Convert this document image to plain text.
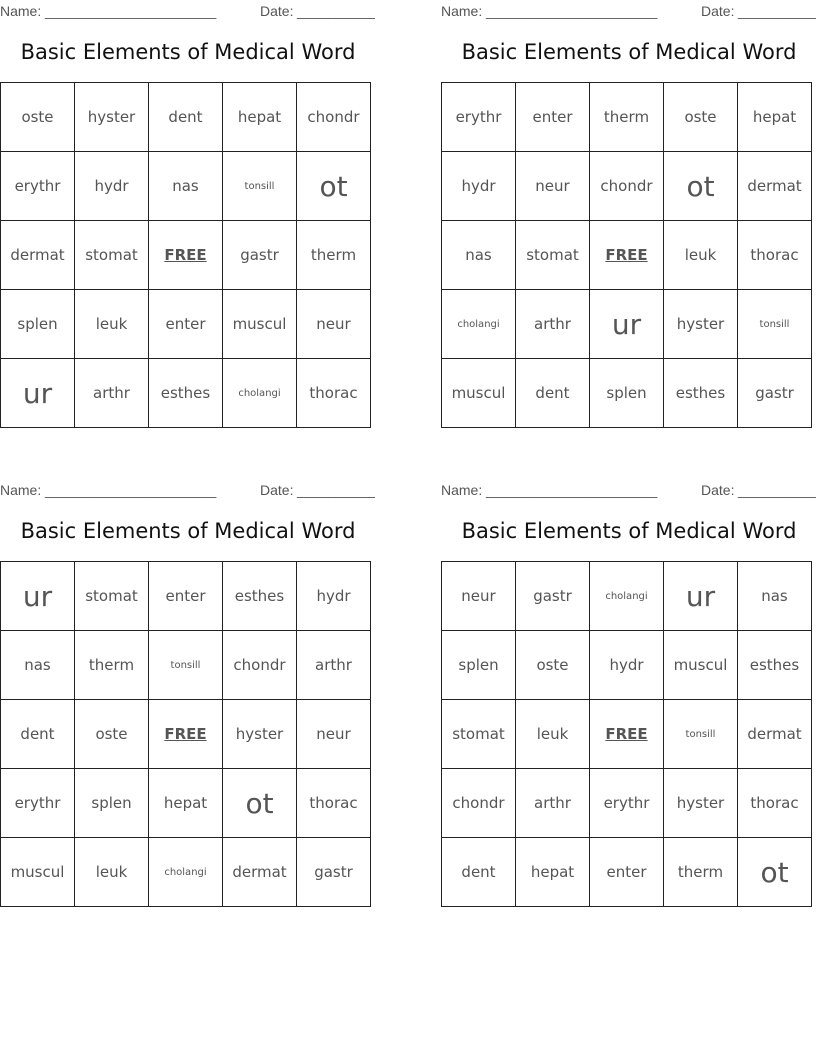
Name: ______________________	Date: __________
Basic Elements of Medical Word
oste	hyster	dent	hepat	chondr
erythr	hydr	nas	tonsill	ot
dermat	stomat	FREE	gastr	therm
splen	leuk	enter	muscul	neur
ur	arthr	esthes	cholangi	thorac
Name: ______________________	Date: __________
Basic Elements of Medical Word
erythr	enter	therm	oste	hepat
hydr	neur	chondr	ot	dermat
nas	stomat	FREE	leuk	thorac
cholangi	arthr	ur	hyster	tonsill
muscul	dent	splen	esthes	gastr
Name: ______________________	Date: __________
Basic Elements of Medical Word
ur	stomat	enter	esthes	hydr
nas	therm	tonsill	chondr	arthr
dent	oste	FREE	hyster	neur
erythr	splen	hepat	ot	thorac
muscul	leuk	cholangi	dermat	gastr
Name: ______________________	Date: __________
Basic Elements of Medical Word
neur	gastr	cholangi	ur	nas
splen	oste	hydr	muscul	esthes
stomat	leuk	FREE	tonsill	dermat
chondr	arthr	erythr	hyster	thorac
dent	hepat	enter	therm	ot
